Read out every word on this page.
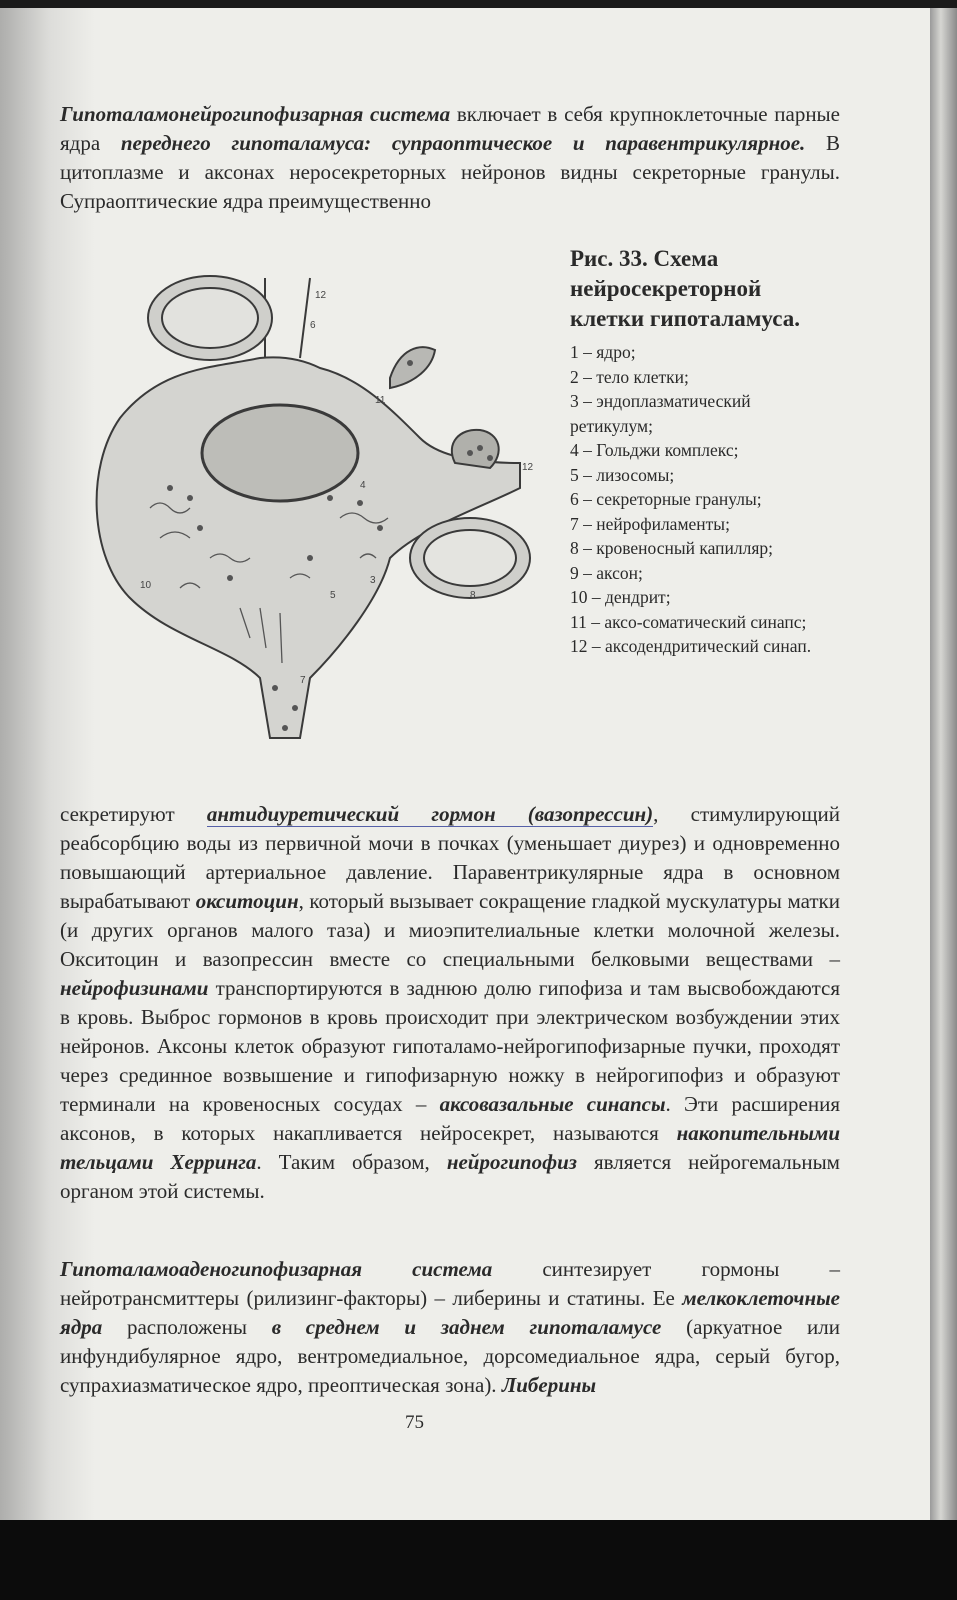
Гипоталамонейрогипофизарная система включает в себя крупноклеточные парные ядра переднего гипоталамуса: супраоптическое и паравентрикулярное. В цитоплазме и аксонах неросекреторных нейронов видны секреторные гранулы. Супраоптические ядра преимущественно

12
11
12
4
5
3
8
7
10
6

Рис. 33. Схема нейросекреторной клетки гипоталамуса.

1 – ядро;
2 – тело клетки;
3 – эндоплазматический ретикулум;
4 – Гольджи комплекс;
5 – лизосомы;
6 – секреторные гранулы;
7 – нейрофиламенты;
8 – кровеносный капилляр;
9 – аксон;
10 – дендрит;
11 – аксо-соматический синапс;
12 – аксодендритический синап.

секретируют антидиуретический гормон (вазопрессин), стимулирующий реабсорбцию воды из первичной мочи в почках (уменьшает диурез) и одновременно повышающий артериальное давление. Паравентрикулярные ядра в основном вырабатывают окситоцин, который вызывает сокращение гладкой мускулатуры матки (и других органов малого таза) и миоэпителиальные клетки молочной железы. Окситоцин и вазопрессин вместе со специальными белковыми веществами – нейрофизинами транспортируются в заднюю долю гипофиза и там высвобождаются в кровь. Выброс гормонов в кровь происходит при электрическом возбуждении этих нейронов. Аксоны клеток образуют гипоталамо-нейрогипофизарные пучки, проходят через срединное возвышение и гипофизарную ножку в нейрогипофиз и образуют терминали на кровеносных сосудах – аксовазальные синапсы. Эти расширения аксонов, в которых накапливается нейросекрет, называются накопительными тельцами Херринга. Таким образом, нейрогипофиз является нейрогемальным органом этой системы.

Гипоталамоаденогипофизарная система синтезирует гормоны – нейротрансмиттеры (рилизинг-факторы) – либерины и статины. Ее мелкоклеточные ядра расположены в среднем и заднем гипоталамусе (аркуатное или инфундибулярное ядро, вентромедиальное, дорсомедиальное ядра, серый бугор, супрахиазматическое ядро, преоптическая зона). Либерины

75
